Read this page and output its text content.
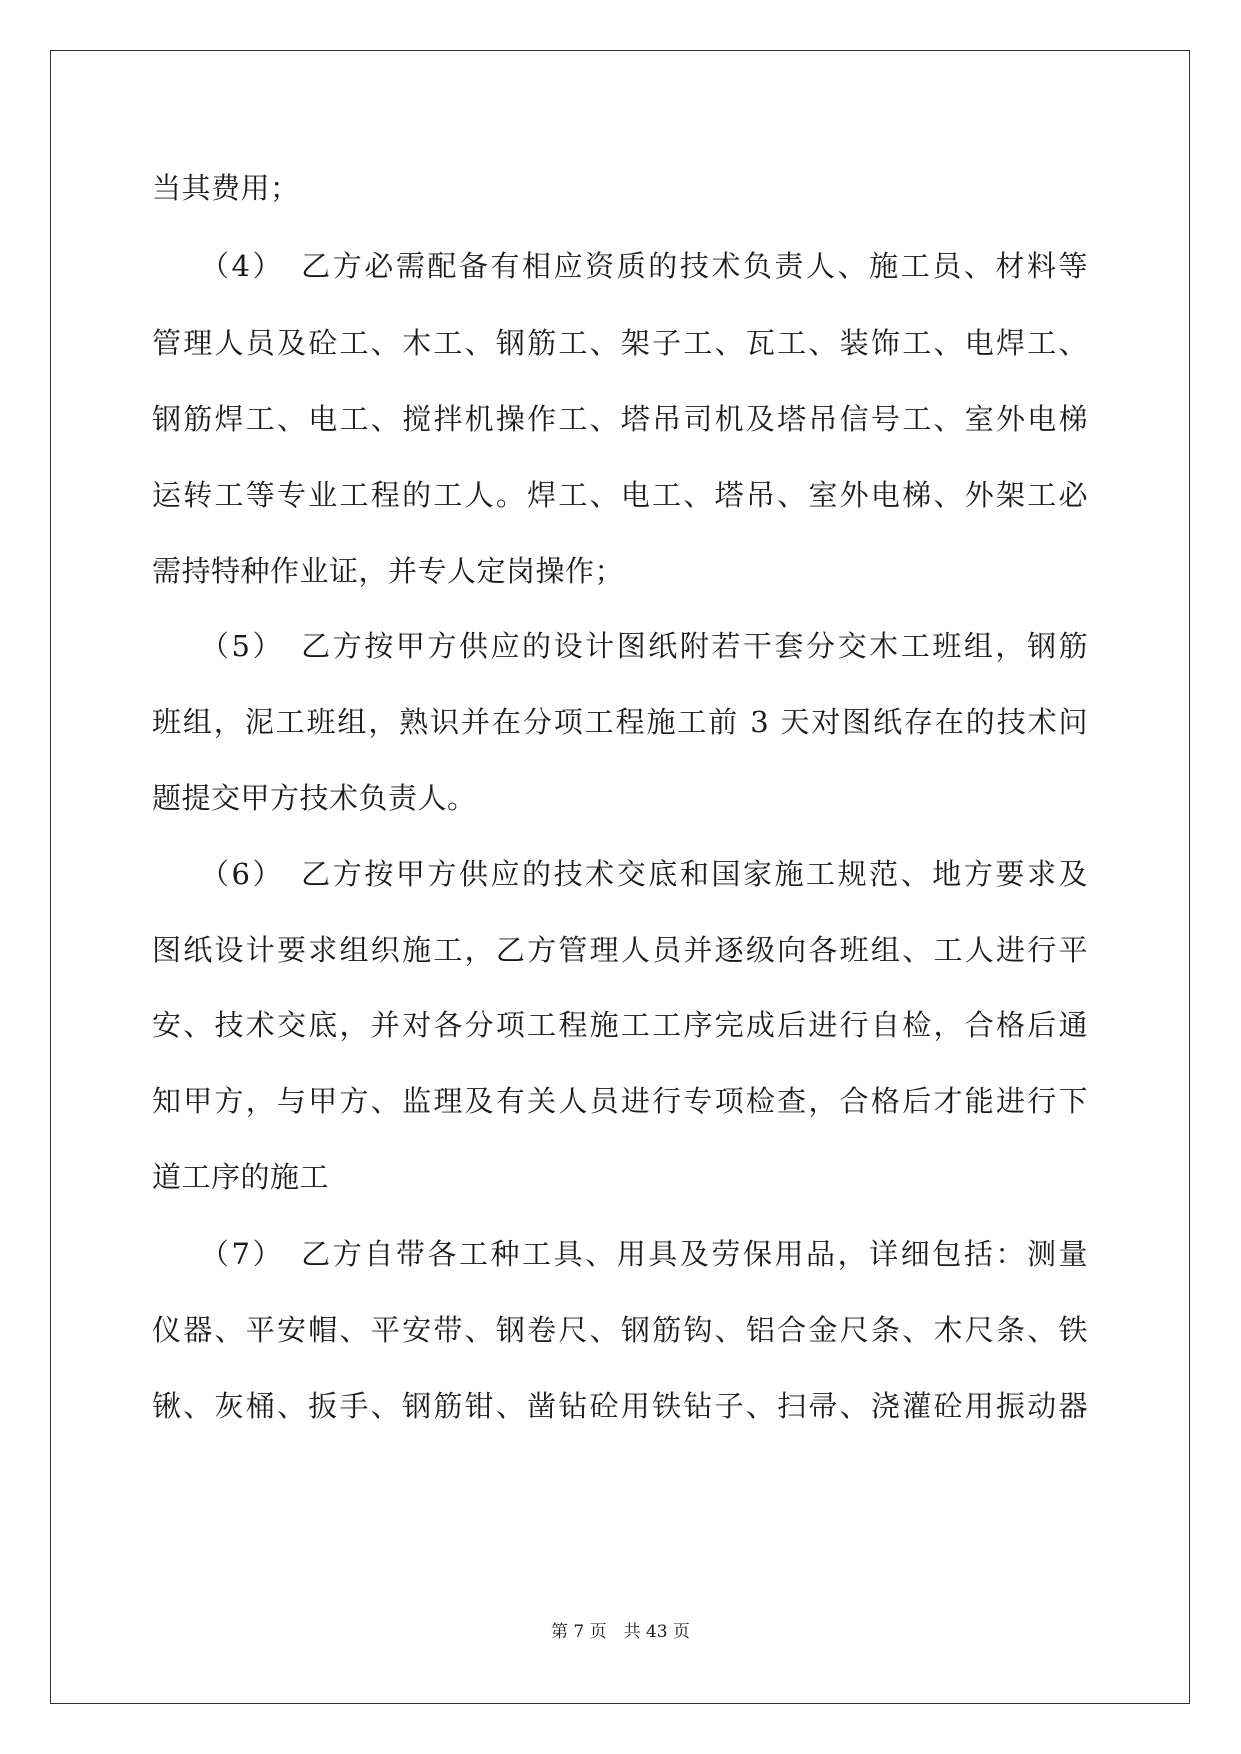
当其费用；
（4）　乙方必需配备有相应资质的技术负责人、施工员、材料等
管理人员及砼工、木工、钢筋工、架子工、瓦工、装饰工、电焊工、
钢筋焊工、电工、搅拌机操作工、塔吊司机及塔吊信号工、室外电梯
运转工等专业工程的工人。焊工、电工、塔吊、室外电梯、外架工必
需持特种作业证，并专人定岗操作；
（5）　乙方按甲方供应的设计图纸附若干套分交木工班组，钢筋
班组，泥工班组，熟识并在分项工程施工前 3 天对图纸存在的技术问
题提交甲方技术负责人。
（6）　乙方按甲方供应的技术交底和国家施工规范、地方要求及
图纸设计要求组织施工，乙方管理人员并逐级向各班组、工人进行平
安、技术交底，并对各分项工程施工工序完成后进行自检，合格后通
知甲方，与甲方、监理及有关人员进行专项检查，合格后才能进行下
道工序的施工
（7）　乙方自带各工种工具、用具及劳保用品，详细包括：测量
仪器、平安帽、平安带、钢卷尺、钢筋钩、铝合金尺条、木尺条、铁
锹、灰桶、扳手、钢筋钳、凿钻砼用铁钻子、扫帚、浇灌砼用振动器
第 7 页　共 43 页
